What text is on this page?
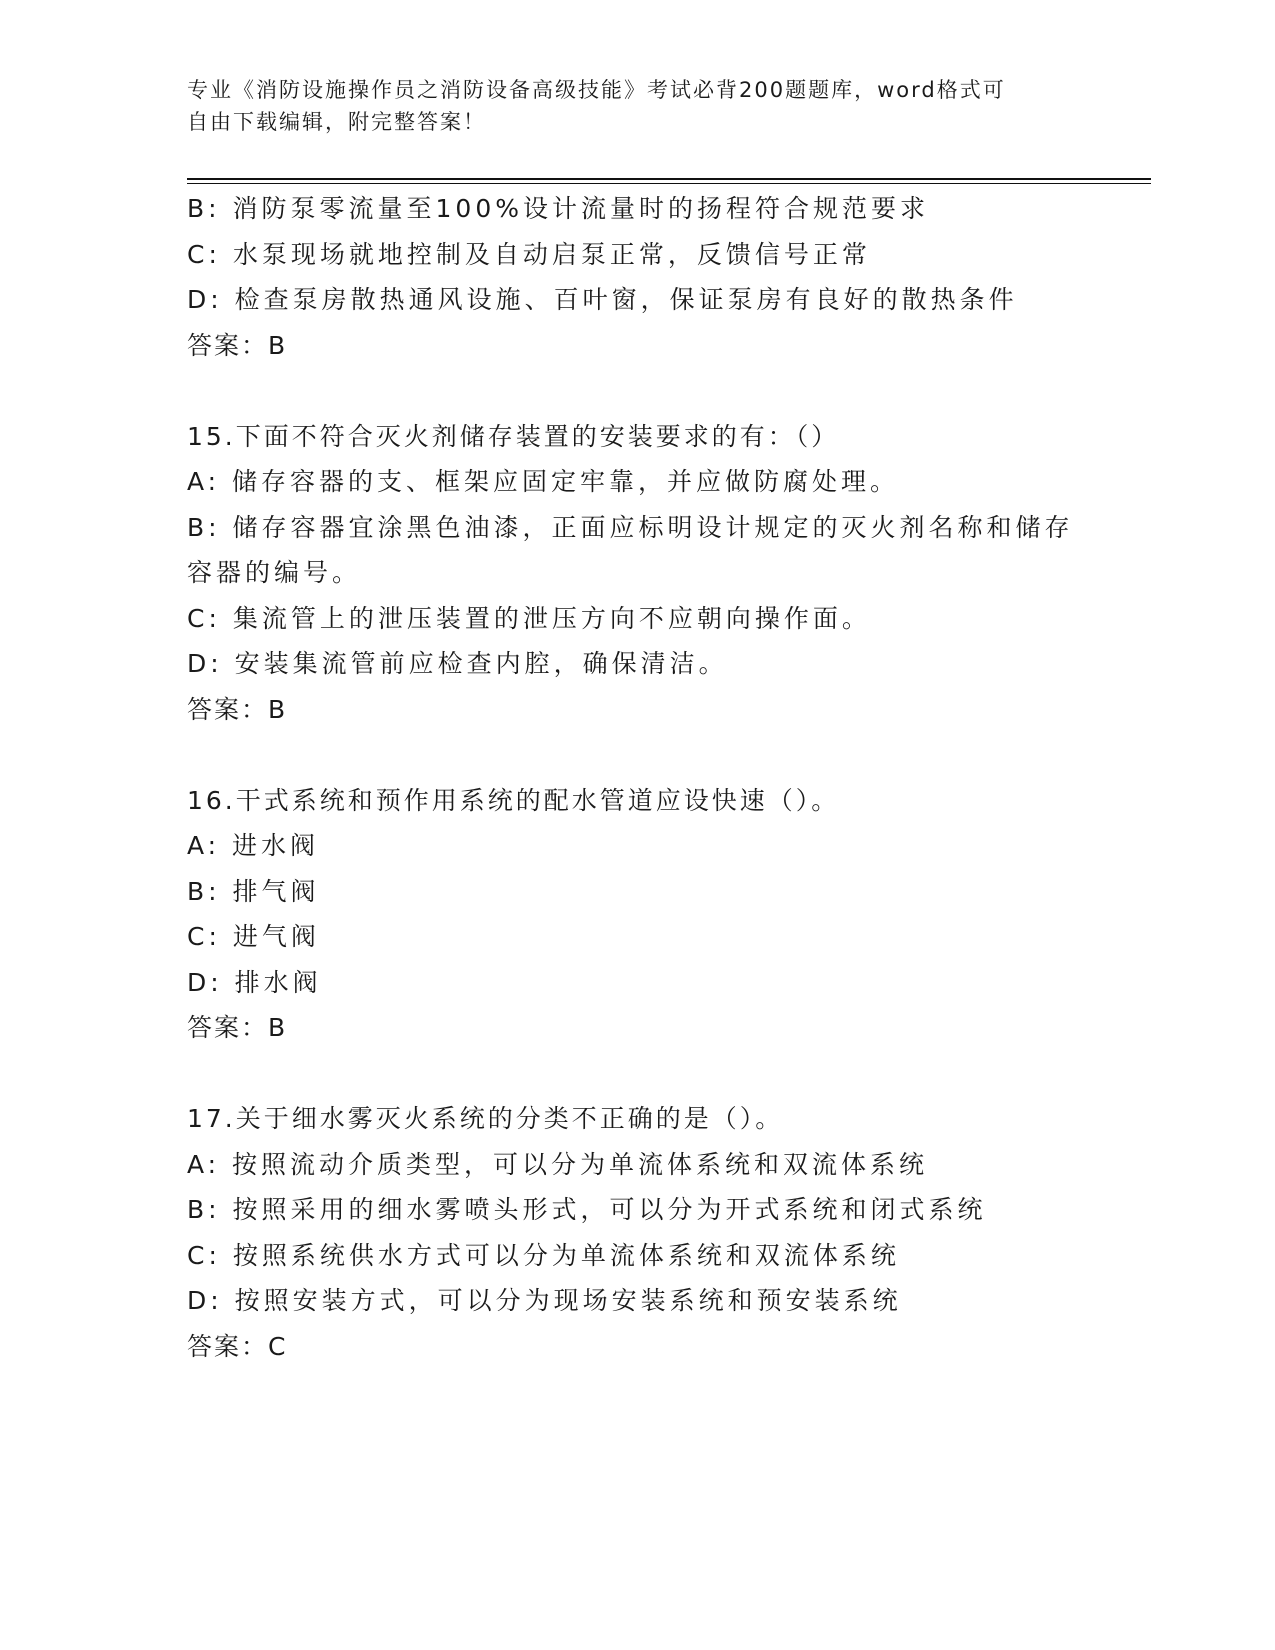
专业《消防设施操作员之消防设备高级技能》考试必背200题题库，word格式可
自由下载编辑，附完整答案！

B: 消防泵零流量至100%设计流量时的扬程符合规范要求

C: 水泵现场就地控制及自动启泵正常，反馈信号正常

D: 检查泵房散热通风设施、百叶窗，保证泵房有良好的散热条件

答案：B

15.下面不符合灭火剂储存装置的安装要求的有：（）

A: 储存容器的支、框架应固定牢靠，并应做防腐处理。

B: 储存容器宜涂黑色油漆，正面应标明设计规定的灭火剂名称和储存

容器的编号。

C: 集流管上的泄压装置的泄压方向不应朝向操作面。

D: 安装集流管前应检查内腔，确保清洁。

答案：B

16.干式系统和预作用系统的配水管道应设快速（）。

A: 进水阀

B: 排气阀

C: 进气阀

D: 排水阀

答案：B

17.关于细水雾灭火系统的分类不正确的是（）。

A: 按照流动介质类型，可以分为单流体系统和双流体系统

B: 按照采用的细水雾喷头形式，可以分为开式系统和闭式系统

C: 按照系统供水方式可以分为单流体系统和双流体系统

D: 按照安装方式，可以分为现场安装系统和预安装系统

答案：C
